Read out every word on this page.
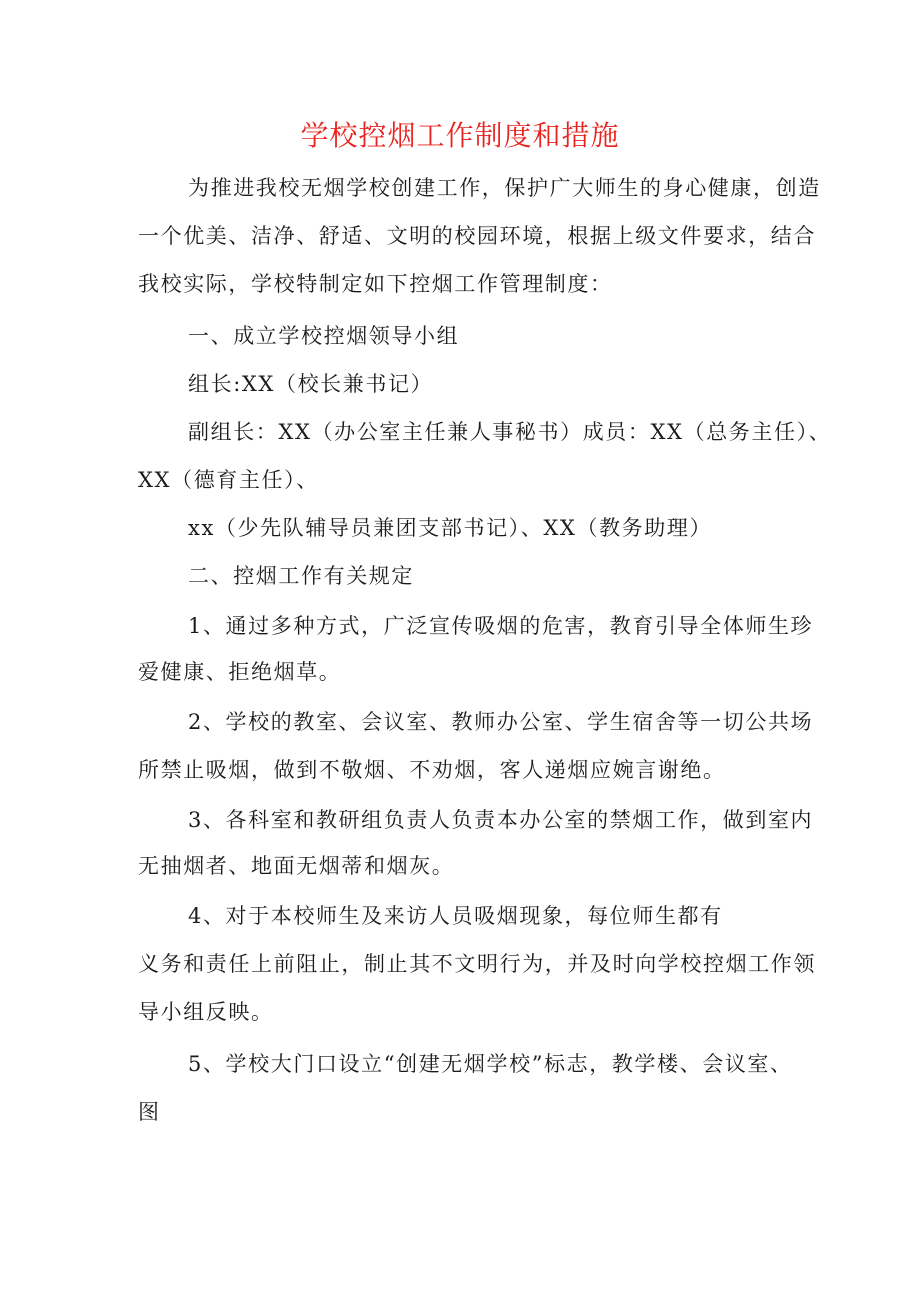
学校控烟工作制度和措施
为推进我校无烟学校创建工作，保护广大师生的身心健康，创造
一个优美、洁净、舒适、文明的校园环境，根据上级文件要求，结合
我校实际，学校特制定如下控烟工作管理制度：
一、成立学校控烟领导小组
组长:XX（校长兼书记）
副组长：XX（办公室主任兼人事秘书）成员：XX（总务主任）、
XX（德育主任）、
xx（少先队辅导员兼团支部书记）、XX（教务助理）
二、控烟工作有关规定
1、通过多种方式，广泛宣传吸烟的危害，教育引导全体师生珍
爱健康、拒绝烟草。
2、学校的教室、会议室、教师办公室、学生宿舍等一切公共场
所禁止吸烟，做到不敬烟、不劝烟，客人递烟应婉言谢绝。
3、各科室和教研组负责人负责本办公室的禁烟工作，做到室内
无抽烟者、地面无烟蒂和烟灰。
4、对于本校师生及来访人员吸烟现象，每位师生都有
义务和责任上前阻止，制止其不文明行为，并及时向学校控烟工作领
导小组反映。
5、学校大门口设立“创建无烟学校”标志，教学楼、会议室、
图
